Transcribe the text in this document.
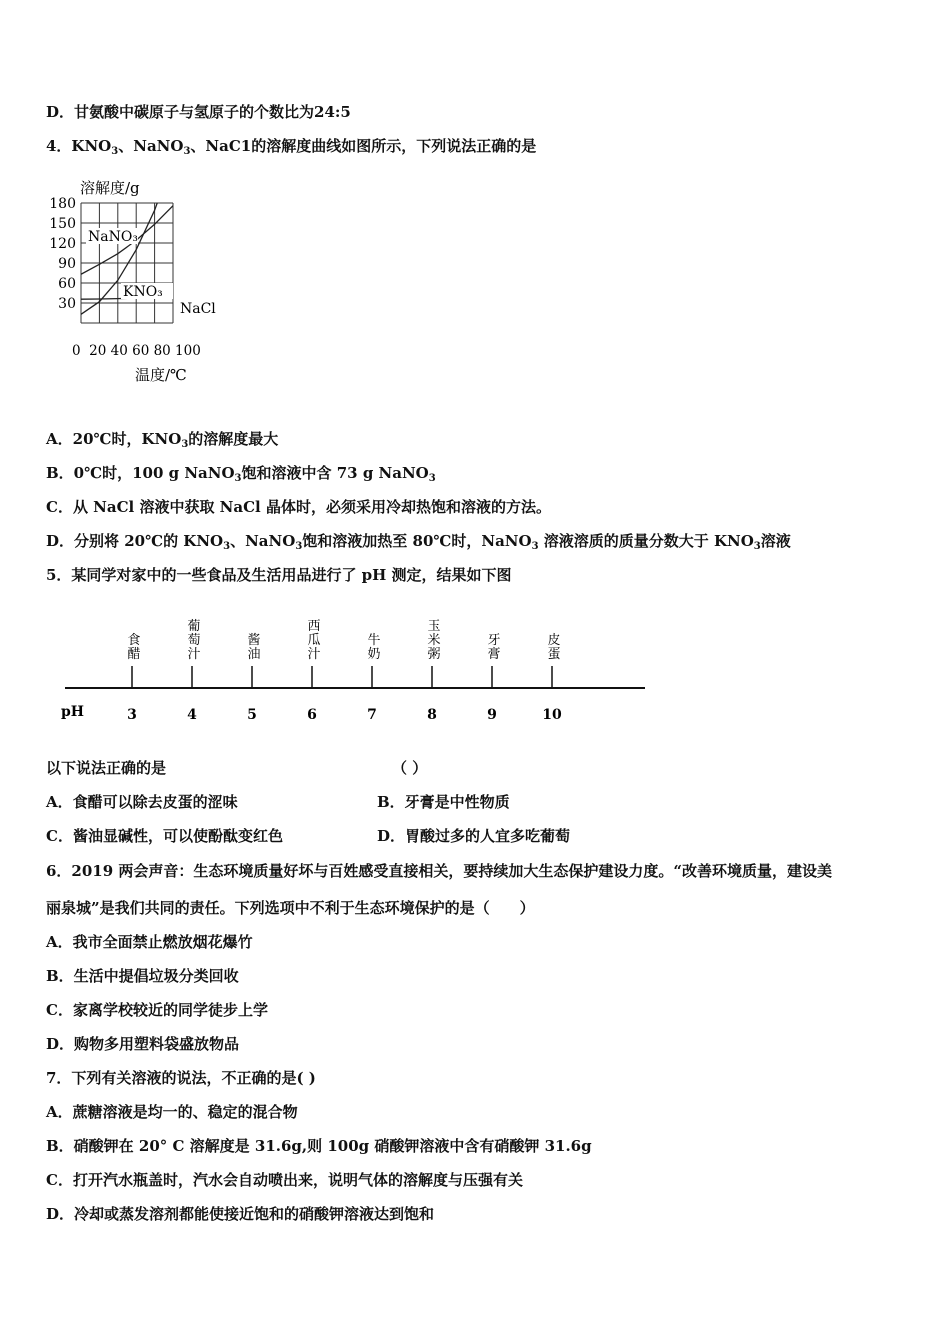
D．甘氨酸中碳原子与氢原子的个数比为24:5
4．$KNO_3$、NaNO$_3$、NaC1的溶解度曲线如图所示，下列说法正确的是
溶解度/g
180
150
120
90
60
30
NaNO₃
KNO₃
NaCl
0  20 40 60 80 100
温度/℃
A．20℃时，$KNO_3$的溶解度最大
B．0℃时，100 g NaNO$_3$饱和溶液中含 73 g NaNO$_3$
C．从 NaCl 溶液中获取 NaCl 晶体时，必须采用冷却热饱和溶液的方法。
D．分别将 20℃的 $KNO_3$、NaNO$_3$饱和溶液加热至 80℃时，NaNO$_3$ 溶液溶质的质量分数大于 $KNO_3$溶液
5．某同学对家中的一些食品及生活用品进行了 pH 测定，结果如下图
pH
食醋
3
葡萄汁
4
酱油
5
西瓜汁
6
牛奶
7
玉米粥
8
牙膏
9
皮蛋
10
以下说法正确的是	（ ）
A．食醋可以除去皮蛋的涩味	B．牙膏是中性物质
C．酱油显碱性，可以使酚酞变红色	D．胃酸过多的人宜多吃葡萄
6．2019 两会声音：生态环境质量好坏与百姓感受直接相关，要持续加大生态保护建设力度。“改善环境质量，建设美
丽泉城”是我们共同的责任。下列选项中不利于生态环境保护的是（　　）
A．我市全面禁止燃放烟花爆竹
B．生活中提倡垃圾分类回收
C．家离学校较近的同学徒步上学
D．购物多用塑料袋盛放物品
7．下列有关溶液的说法，不正确的是( )
A．蔗糖溶液是均一的、稳定的混合物
B．硝酸钾在 20° C 溶解度是 31.6g,则 100g 硝酸钾溶液中含有硝酸钾 31.6g
C．打开汽水瓶盖时，汽水会自动喷出来，说明气体的溶解度与压强有关
D．冷却或蒸发溶剂都能使接近饱和的硝酸钾溶液达到饱和
